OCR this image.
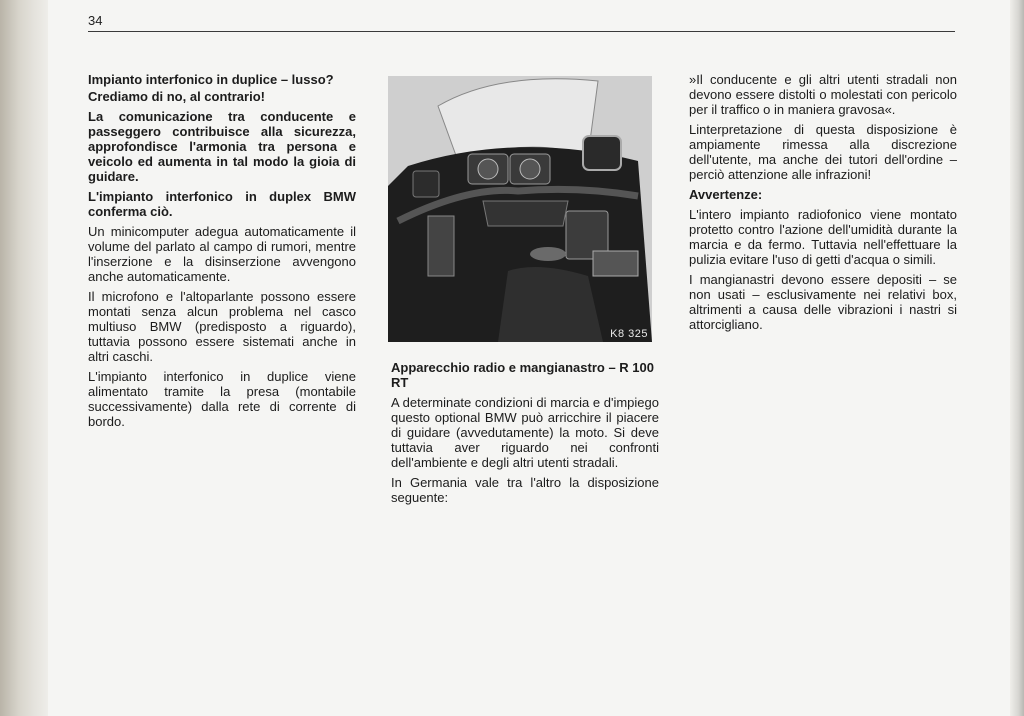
34

Impianto interfonico in duplice – lusso?

Crediamo di no, al contrario!

La comunicazione tra conducente e passeggero contribuisce alla sicurezza, approfondisce l'armonia tra persona e veicolo ed aumenta in tal modo la gioia di guidare.

L'impianto interfonico in duplex BMW conferma ciò.

Un minicomputer adegua automaticamente il volume del parlato al campo di rumori, mentre l'inserzione e la disinserzione avvengono anche automaticamente.

Il microfono e l'altoparlante possono essere montati senza alcun problema nel casco multiuso BMW (predisposto a riguardo), tuttavia possono essere sistemati anche in altri caschi.

L'impianto interfonico in duplice viene alimentato tramite la presa (montabile successivamente) dalla rete di corrente di bordo.

K8 325

Apparecchio radio e mangianastro – R 100 RT

A determinate condizioni di marcia e d'impiego questo optional BMW può arricchire il piacere di guidare (avvedutamente) la moto. Si deve tuttavia aver riguardo nei confronti dell'ambiente e degli altri utenti stradali.

In Germania vale tra l'altro la disposizione seguente:

»Il conducente e gli altri utenti stradali non devono essere distolti o molestati con pericolo per il traffico o in maniera gravosa«.

Linterpretazione di questa disposizione è ampiamente rimessa alla discrezione dell'utente, ma anche dei tutori dell'ordine – perciò attenzione alle infrazioni!

Avvertenze:

L'intero impianto radiofonico viene montato protetto contro l'azione dell'umidità durante la marcia e da fermo. Tuttavia nell'effettuare la pulizia evitare l'uso di getti d'acqua o simili.

I mangianastri devono essere depositi – se non usati – esclusivamente nei relativi box, altrimenti a causa delle vibrazioni i nastri si attorcigliano.
